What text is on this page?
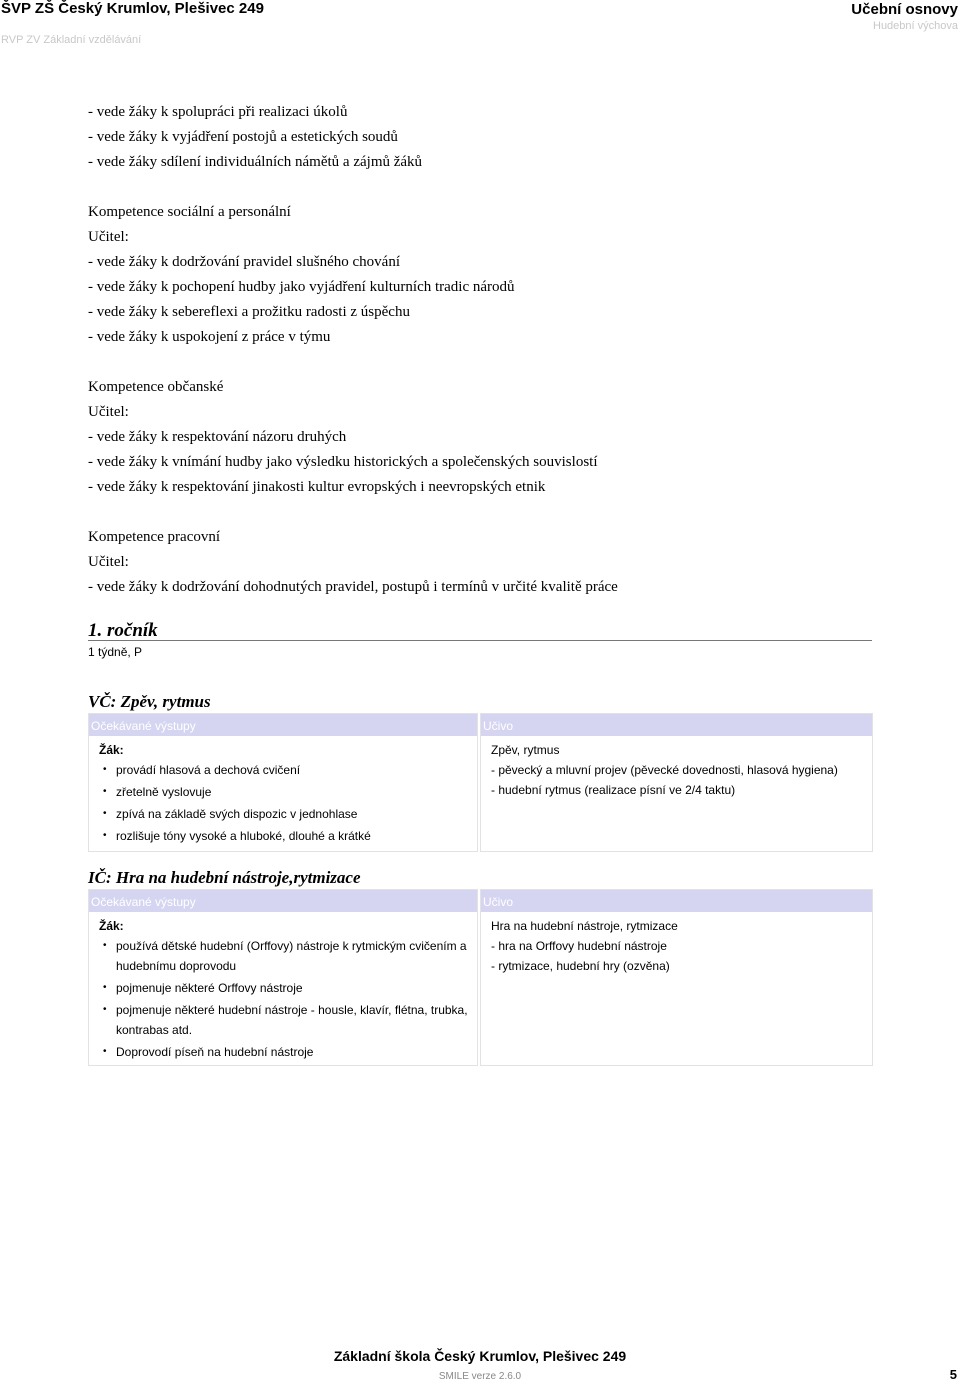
ŠVP ZŠ Český Krumlov, Plešivec 249
RVP ZV Základní vzdělávání
Učební osnovy
Hudební výchova
- vede žáky k spolupráci při realizaci úkolů
- vede žáky k vyjádření postojů a estetických soudů
- vede žáky sdílení individuálních námětů a zájmů žáků
Kompetence sociální a personální
Učitel:
- vede žáky k dodržování pravidel slušného chování
- vede žáky k pochopení hudby jako vyjádření kulturních tradic národů
- vede žáky k sebereflexi a prožitku radosti z úspěchu
- vede žáky k uspokojení z práce v týmu
Kompetence občanské
Učitel:
- vede žáky k respektování názoru druhých
- vede žáky k vnímání hudby jako výsledku historických a společenských souvislostí
- vede žáky k respektování jinakosti kultur evropských i neevropských etnik
Kompetence pracovní
Učitel:
- vede žáky k dodržování dohodnutých pravidel, postupů i termínů v určité kvalitě práce
1. ročník
1 týdně, P
VČ: Zpěv, rytmus
Očekávané výstupy
Žák:
• provádí hlasová a dechová cvičení
• zřetelně vyslovuje
• zpívá na základě svých dispozic v jednohlase
• rozlišuje tóny vysoké a hluboké, dlouhé a krátké
Učivo
Zpěv, rytmus
- pěvecký a mluvní projev (pěvecké dovednosti, hlasová hygiena)
- hudební rytmus (realizace písní ve 2/4 taktu)
IČ: Hra na hudební nástroje,rytmizace
Očekávané výstupy
Žák:
• používá dětské hudební (Orffovy) nástroje k rytmickým cvičením a hudebnímu doprovodu
• pojmenuje některé Orffovy nástroje
• pojmenuje některé hudební nástroje - housle, klavír, flétna, trubka, kontrabas atd.
• Doprovodí píseň na hudební nástroje
Učivo
Hra na hudební nástroje, rytmizace
- hra na Orffovy hudební nástroje
- rytmizace, hudební hry (ozvěna)
Základní škola Český Krumlov, Plešivec 249
SMILE verze 2.6.0	5
